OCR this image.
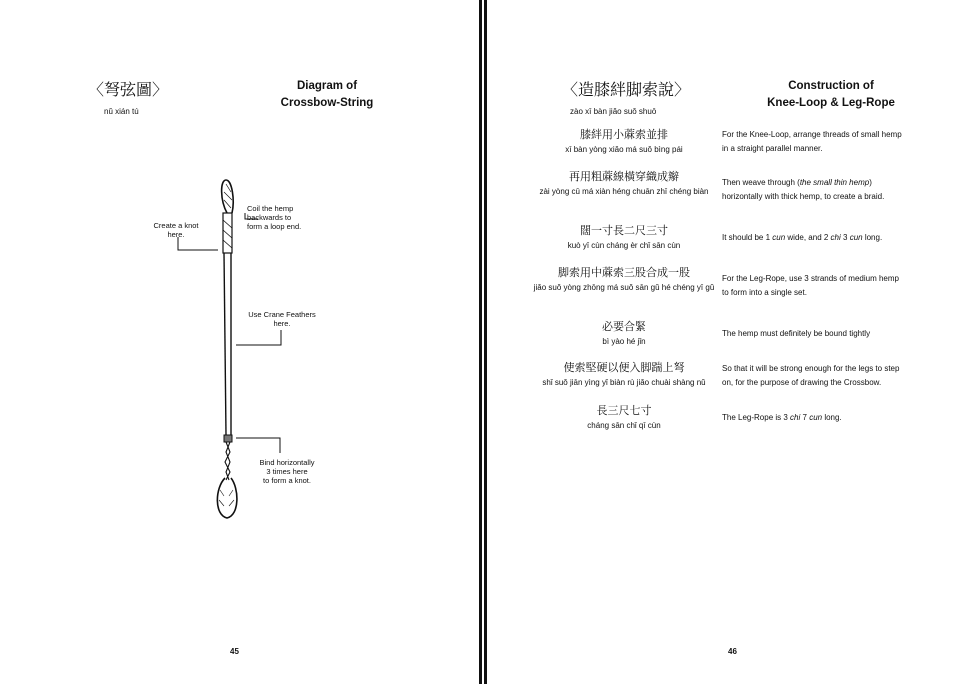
〈弩弦圖〉
nǔ xián tú
Diagram of
Crossbow-String
Coil the hemp
backwards to
form a loop end.
Create a knot
here.
Use Crane Feathers
here.
Bind horizontally
3 times here
to form a knot.
45
〈造膝絆脚索說〉
zào xī bàn jiǎo suǒ shuō
Construction of
Knee-Loop & Leg-Rope
膝絆用小蔴索並排
xī bàn yòng xiǎo má suǒ bìng pái
For the Knee-Loop, arrange threads of small hemp
in a straight parallel manner.
再用粗蔴線橫穿織成辮
zài yòng cū má xiàn héng chuān zhī chéng biàn
Then weave through (the small thin hemp)
horizontally with thick hemp, to create a braid.
闊一寸長二尺三寸
kuò yī cùn cháng èr chǐ sān cùn
It should be 1 cun wide, and 2 chi 3 cun long.
脚索用中蔴索三股合成一股
jiǎo suǒ yòng zhōng má suǒ sān gǔ hé chéng yī gǔ
For the Leg-Rope, use 3 strands of medium hemp
to form into a single set.
必要合緊
bì yào hé jǐn
The hemp must definitely be bound tightly
使索堅硬以便入脚踹上弩
shǐ suǒ jiān yìng yǐ biàn rù jiǎo chuài shàng nǔ
So that it will be strong enough for the legs to step
on, for the purpose of drawing the Crossbow.
長三尺七寸
cháng sān chǐ qī cùn
The Leg-Rope is 3 chi 7 cun long.
46
